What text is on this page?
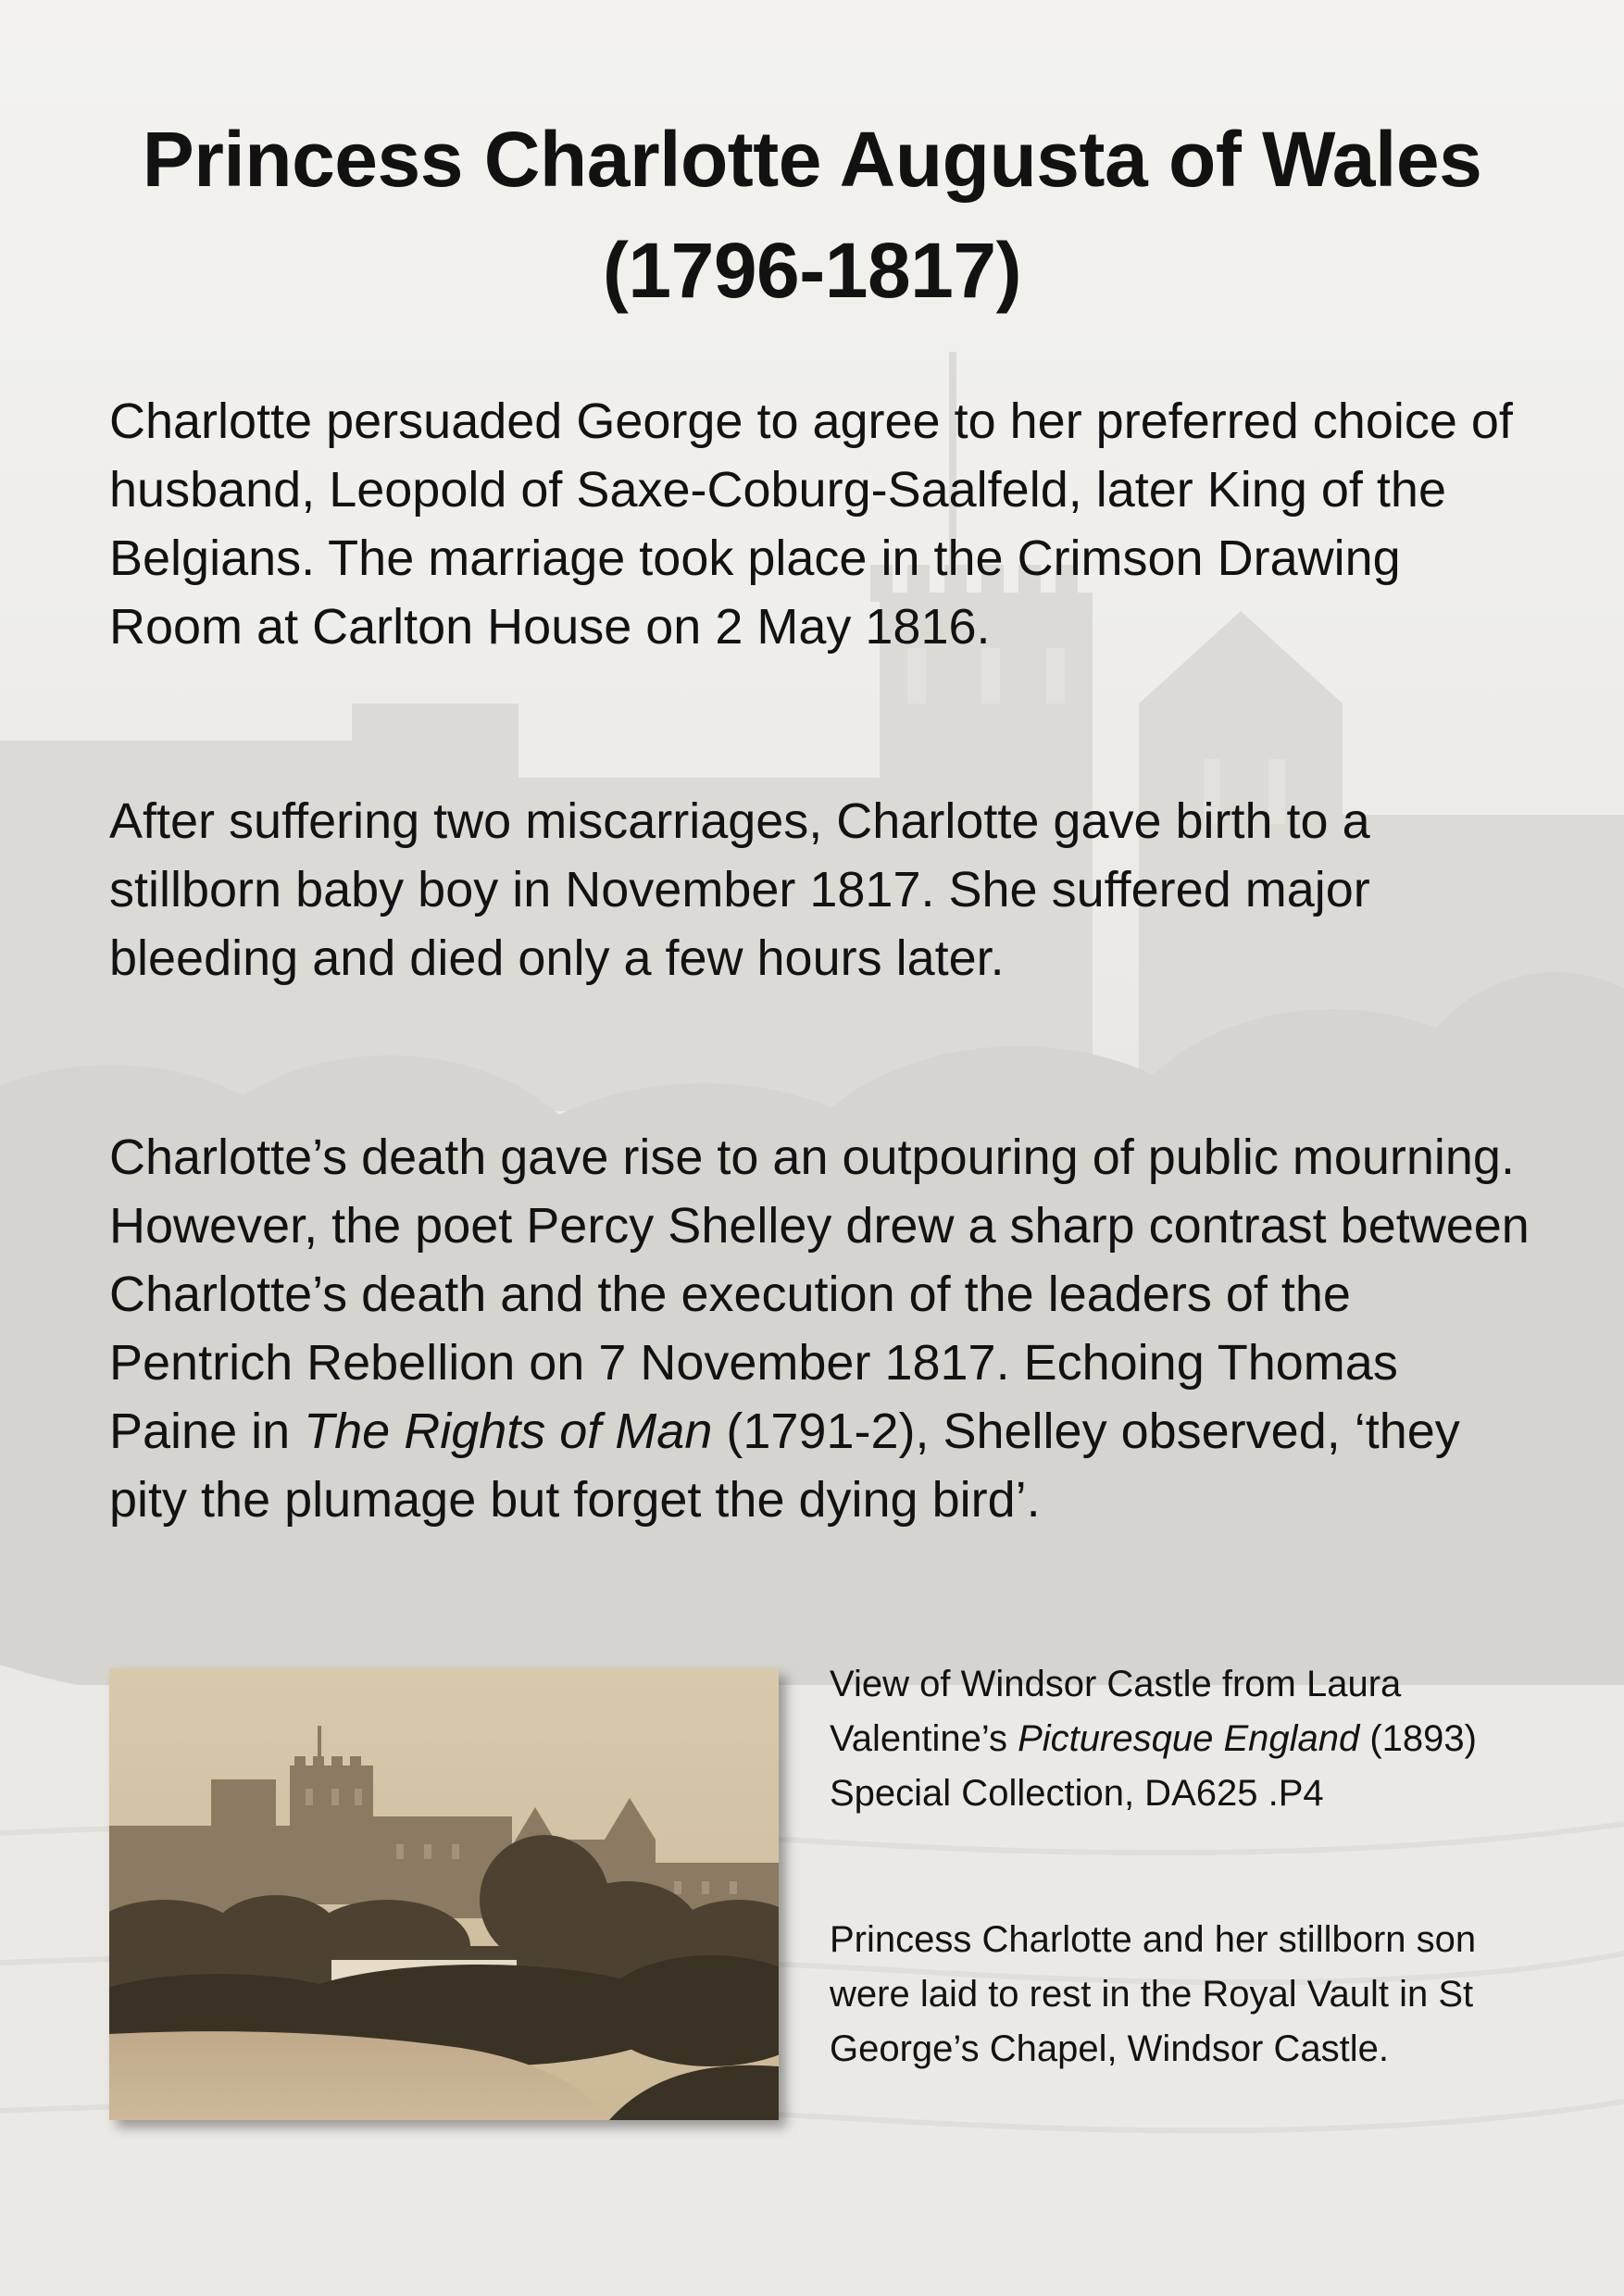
Princess Charlotte Augusta of Wales (1796-1817)

Charlotte persuaded George to agree to her preferred choice of husband, Leopold of Saxe-Coburg-Saalfeld, later King of the Belgians. The marriage took place in the Crimson Drawing Room at Carlton House on 2 May 1816.

After suffering two miscarriages, Charlotte gave birth to a stillborn baby boy in November 1817. She suffered major bleeding and died only a few hours later.

Charlotte’s death gave rise to an outpouring of public mourning. However, the poet Percy Shelley drew a sharp contrast between Charlotte’s death and the execution of the leaders of the Pentrich Rebellion on 7 November 1817. Echoing Thomas Paine in The Rights of Man (1791-2), Shelley observed, ‘they pity the plumage but forget the dying bird’.

View of Windsor Castle from Laura Valentine’s Picturesque England (1893)
Special Collection, DA625 .P4

Princess Charlotte and her stillborn son were laid to rest in the Royal Vault in St George’s Chapel, Windsor Castle.
